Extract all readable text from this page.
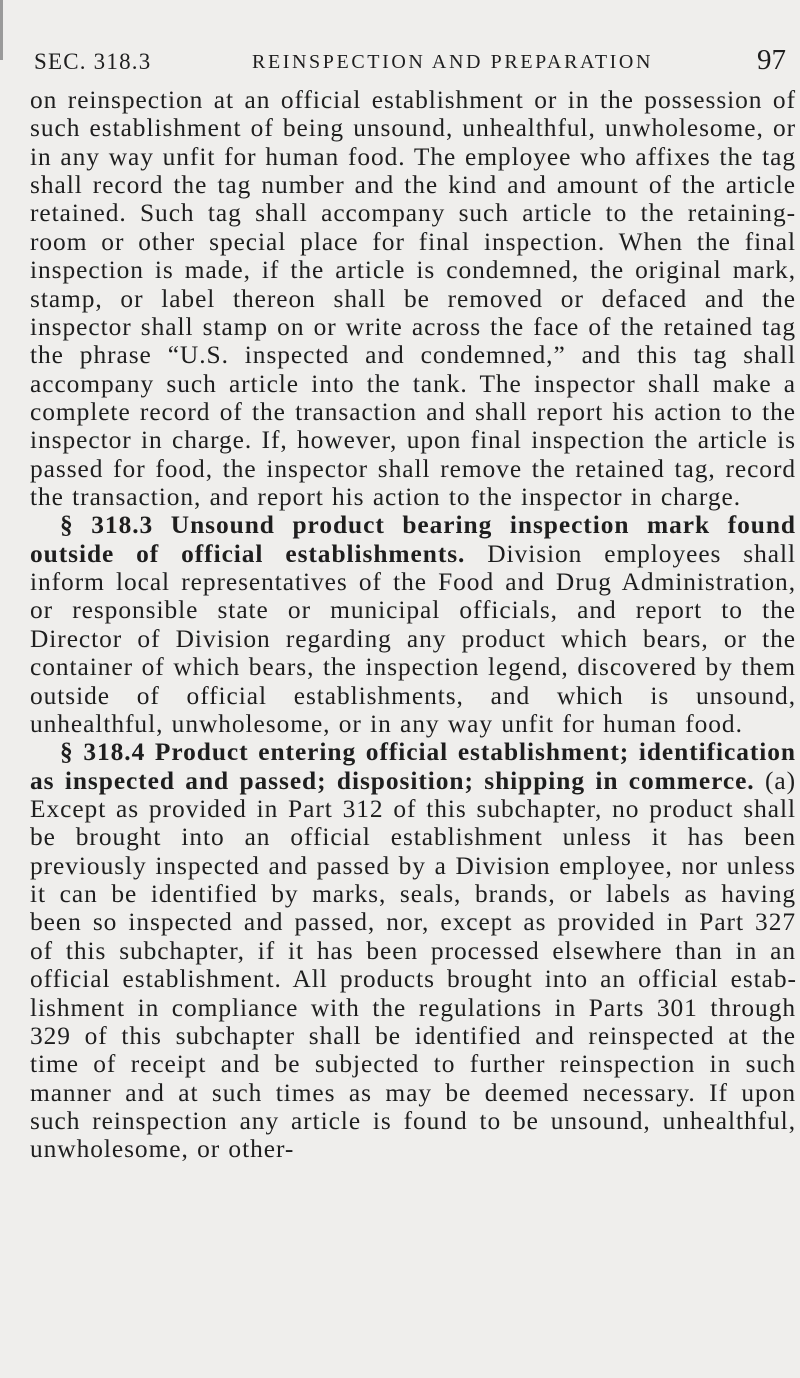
SEC. 318.3	REINSPECTION AND PREPARATION	97

on reinspection at an official establishment or in the possession of such establishment of being unsound, unhealthful, unwholesome, or in any way unfit for human food. The employee who affixes the tag shall record the tag number and the kind and amount of the article retained. Such tag shall accompany such article to the retaining-room or other special place for final inspection. When the final inspection is made, if the article is condemned, the original mark, stamp, or label thereon shall be removed or defaced and the inspector shall stamp on or write across the face of the retained tag the phrase “U.S. inspected and condemned,” and this tag shall accompany such article into the tank. The inspector shall make a complete record of the transaction and shall report his action to the inspector in charge. If, however, upon final inspection the article is passed for food, the inspector shall remove the retained tag, record the transaction, and report his action to the inspector in charge.

§ 318.3 Unsound product bearing inspection mark found outside of official establishments. Division employees shall inform local representatives of the Food and Drug Administration, or responsible state or municipal officials, and report to the Director of Division regarding any product which bears, or the container of which bears, the inspection legend, discovered by them outside of official establishments, and which is unsound, unhealthful, unwholesome, or in any way unfit for human food.

§ 318.4 Product entering official establishment; identification as inspected and passed; disposition; shipping in commerce. (a) Except as provided in Part 312 of this subchapter, no product shall be brought into an official establishment unless it has been previously inspected and passed by a Division employee, nor unless it can be identified by marks, seals, brands, or labels as having been so inspected and passed, nor, except as provided in Part 327 of this subchapter, if it has been processed elsewhere than in an official establishment. All products brought into an official establishment in compliance with the regulations in Parts 301 through 329 of this subchapter shall be identified and reinspected at the time of receipt and be subjected to further reinspection in such manner and at such times as may be deemed necessary. If upon such reinspection any article is found to be unsound, unhealthful, unwholesome, or other-
